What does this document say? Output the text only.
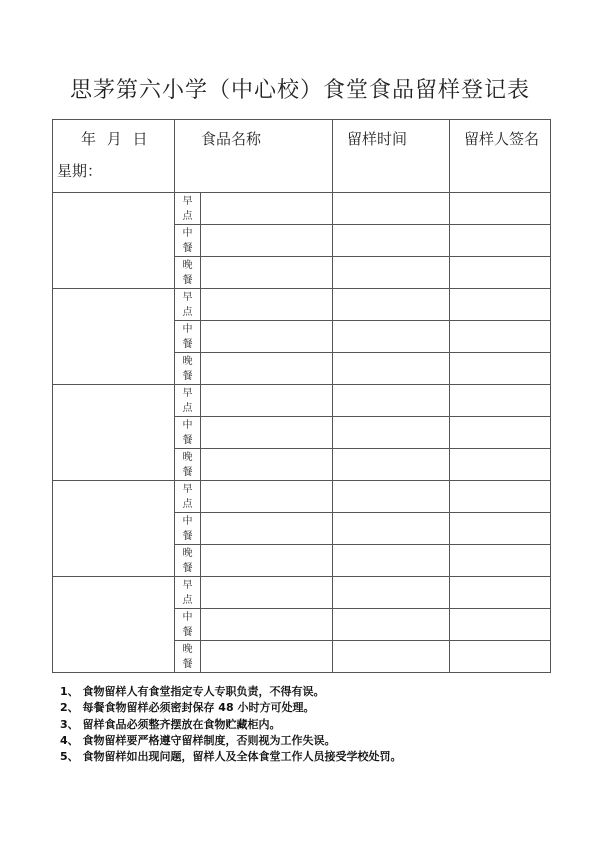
思茅第六小学（中心校）食堂食品留样登记表
年 月 日
星期：	食品名称		留样时间	留样人签名

	早
点			

	中
餐			

	晚
餐			

	早
点			

	中
餐			

	晚
餐			

	早
点			

	中
餐			

	晚
餐			

	早
点			

	中
餐			

	晚
餐			

	早
点			

	中
餐			

	晚
餐			

1、 食物留样人有食堂指定专人专职负责，不得有误。
2、 每餐食物留样必须密封保存 48 小时方可处理。
3、 留样食品必须整齐摆放在食物贮藏柜内。
4、 食物留样要严格遵守留样制度，否则视为工作失误。
5、 食物留样如出现问题，留样人及全体食堂工作人员接受学校处罚。
